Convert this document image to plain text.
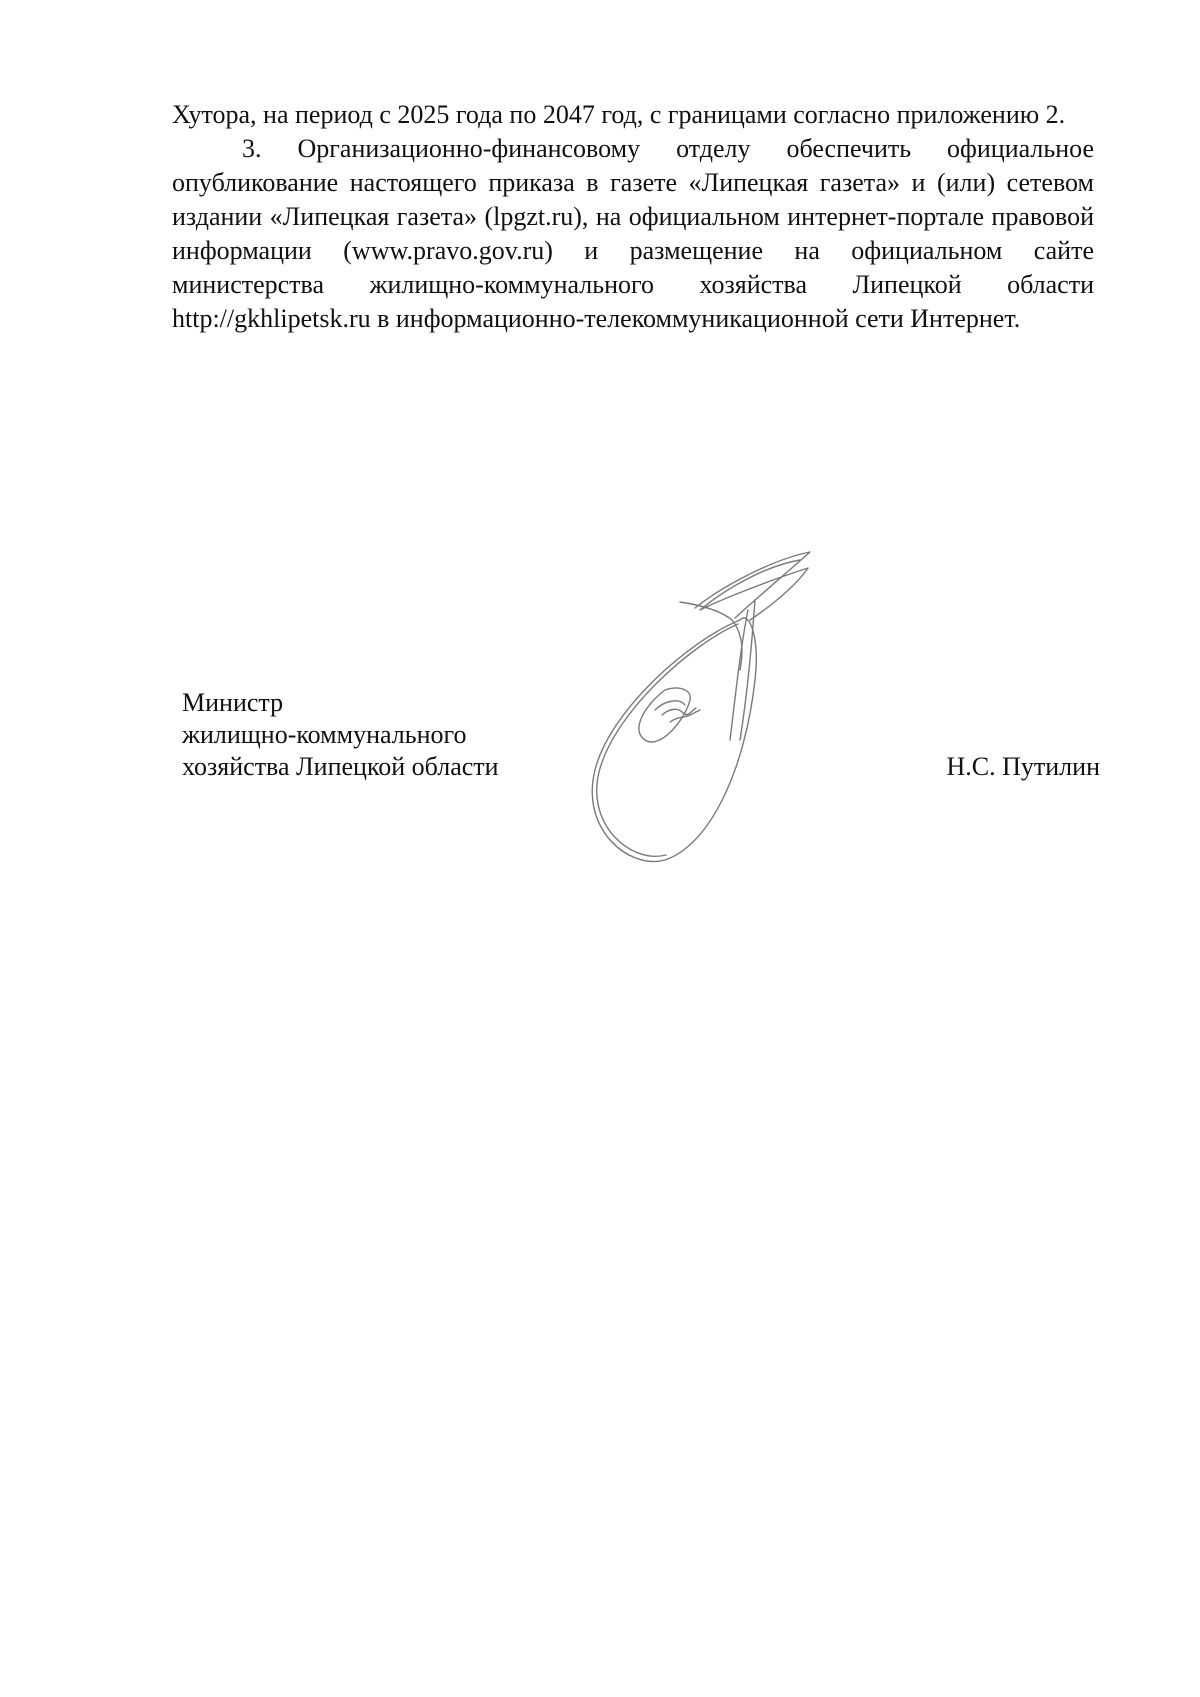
Хутора, на период с 2025 года по 2047 год, с границами согласно приложению 2.

3. Организационно-финансовому отделу обеспечить официальное опубликование настоящего приказа в газете «Липецкая газета» и (или) сетевом издании «Липецкая газета» (lpgzt.ru), на официальном интернет-портале правовой информации (www.pravo.gov.ru) и размещение на официальном сайте министерства жилищно-коммунального хозяйства Липецкой области http://gkhlipetsk.ru в информационно-телекоммуникационной сети Интернет.

Министр
жилищно-коммунального
хозяйства Липецкой области	Н.С. Путилин
